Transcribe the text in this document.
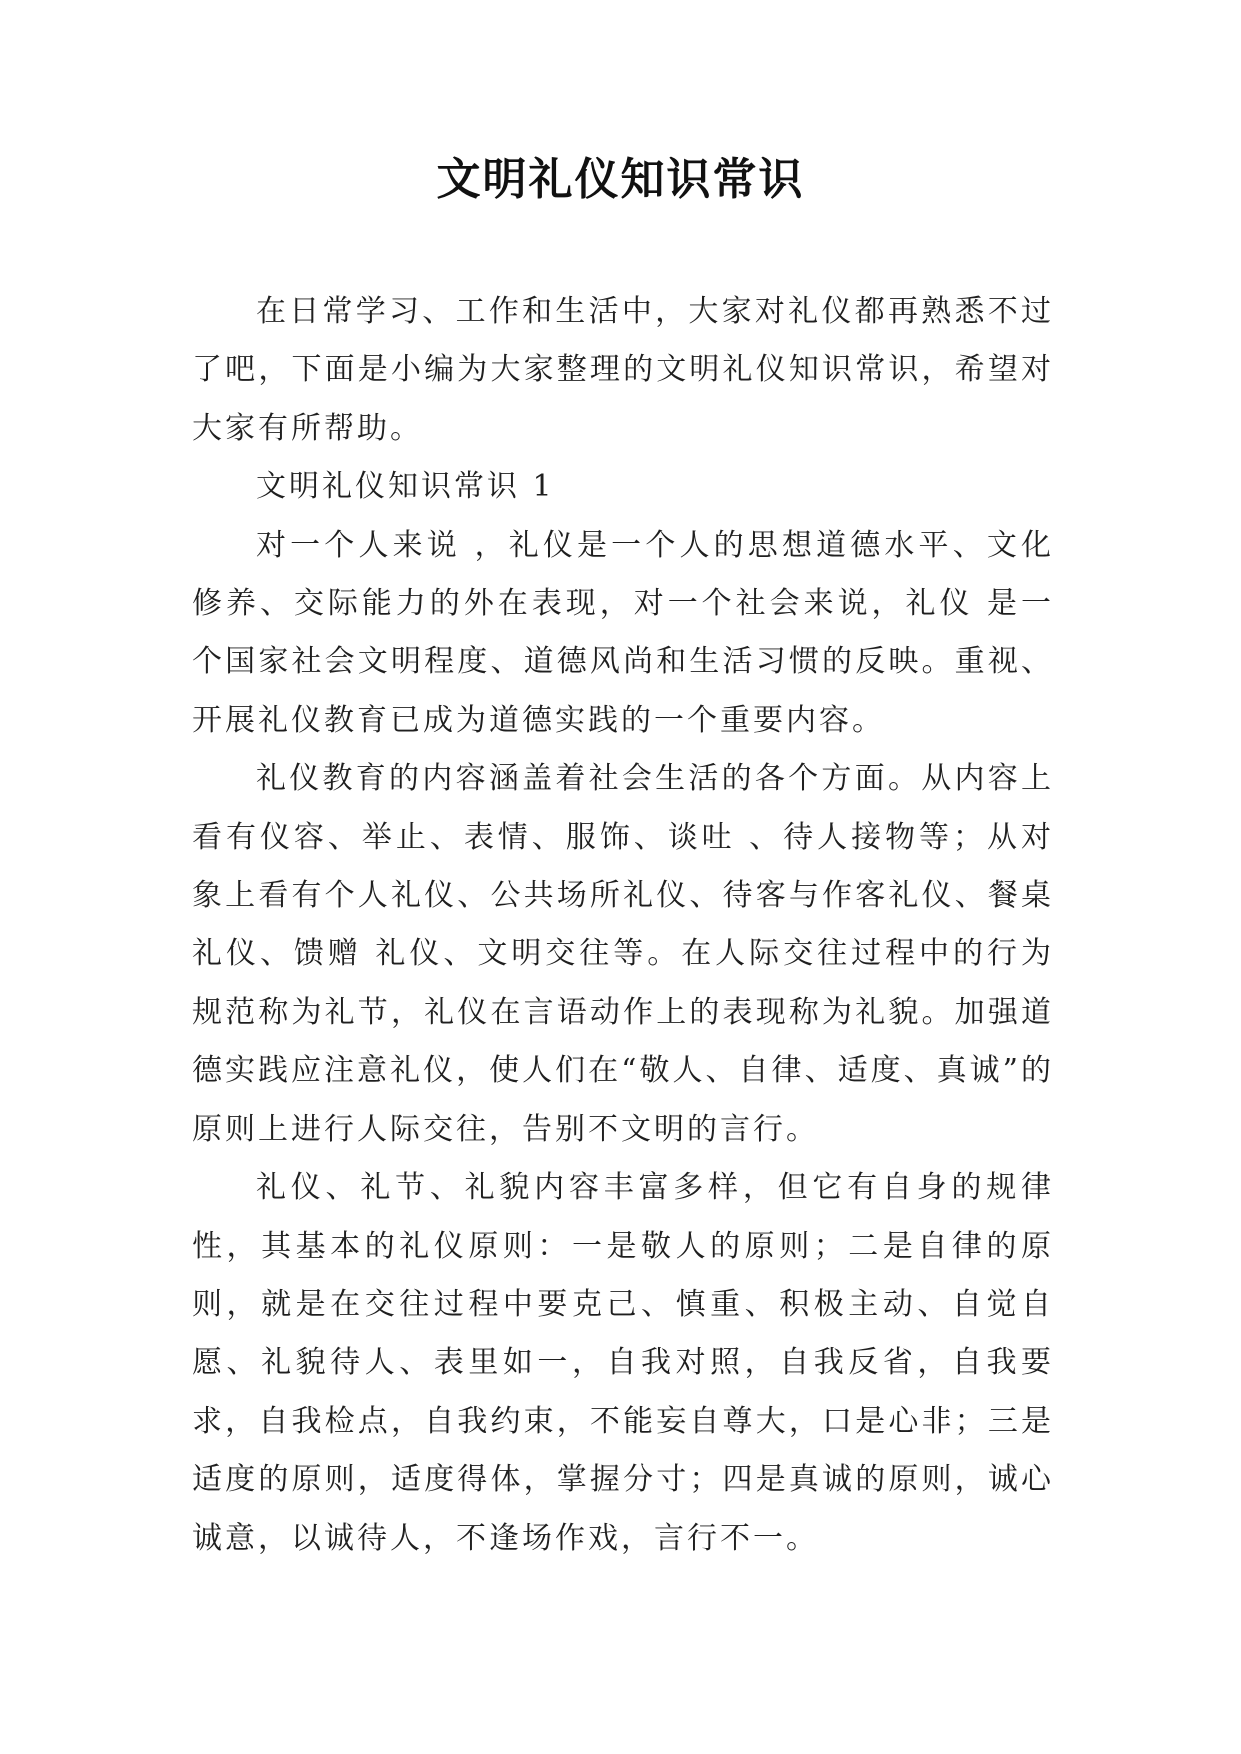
文明礼仪知识常识

在日常学习、工作和生活中，大家对礼仪都再熟悉不过了吧，下面是小编为大家整理的文明礼仪知识常识，希望对大家有所帮助。

文明礼仪知识常识 1

对一个人来说 ，礼仪是一个人的思想道德水平、文化修养、交际能力的外在表现，对一个社会来说，礼仪 是一个国家社会文明程度、道德风尚和生活习惯的反映。重视、开展礼仪教育已成为道德实践的一个重要内容。

礼仪教育的内容涵盖着社会生活的各个方面。从内容上看有仪容、举止、表情、服饰、谈吐 、待人接物等；从对象上看有个人礼仪、公共场所礼仪、待客与作客礼仪、餐桌礼仪、馈赠 礼仪、文明交往等。在人际交往过程中的行为规范称为礼节，礼仪在言语动作上的表现称为礼貌。加强道德实践应注意礼仪，使人们在“敬人、自律、适度、真诚”的原则上进行人际交往，告别不文明的言行。

礼仪、礼节、礼貌内容丰富多样，但它有自身的规律性，其基本的礼仪原则：一是敬人的原则；二是自律的原则，就是在交往过程中要克己、慎重、积极主动、自觉自愿、礼貌待人、表里如一，自我对照，自我反省，自我要求，自我检点，自我约束，不能妄自尊大，口是心非；三是适度的原则，适度得体，掌握分寸；四是真诚的原则，诚心诚意，以诚待人，不逢场作戏，言行不一。
